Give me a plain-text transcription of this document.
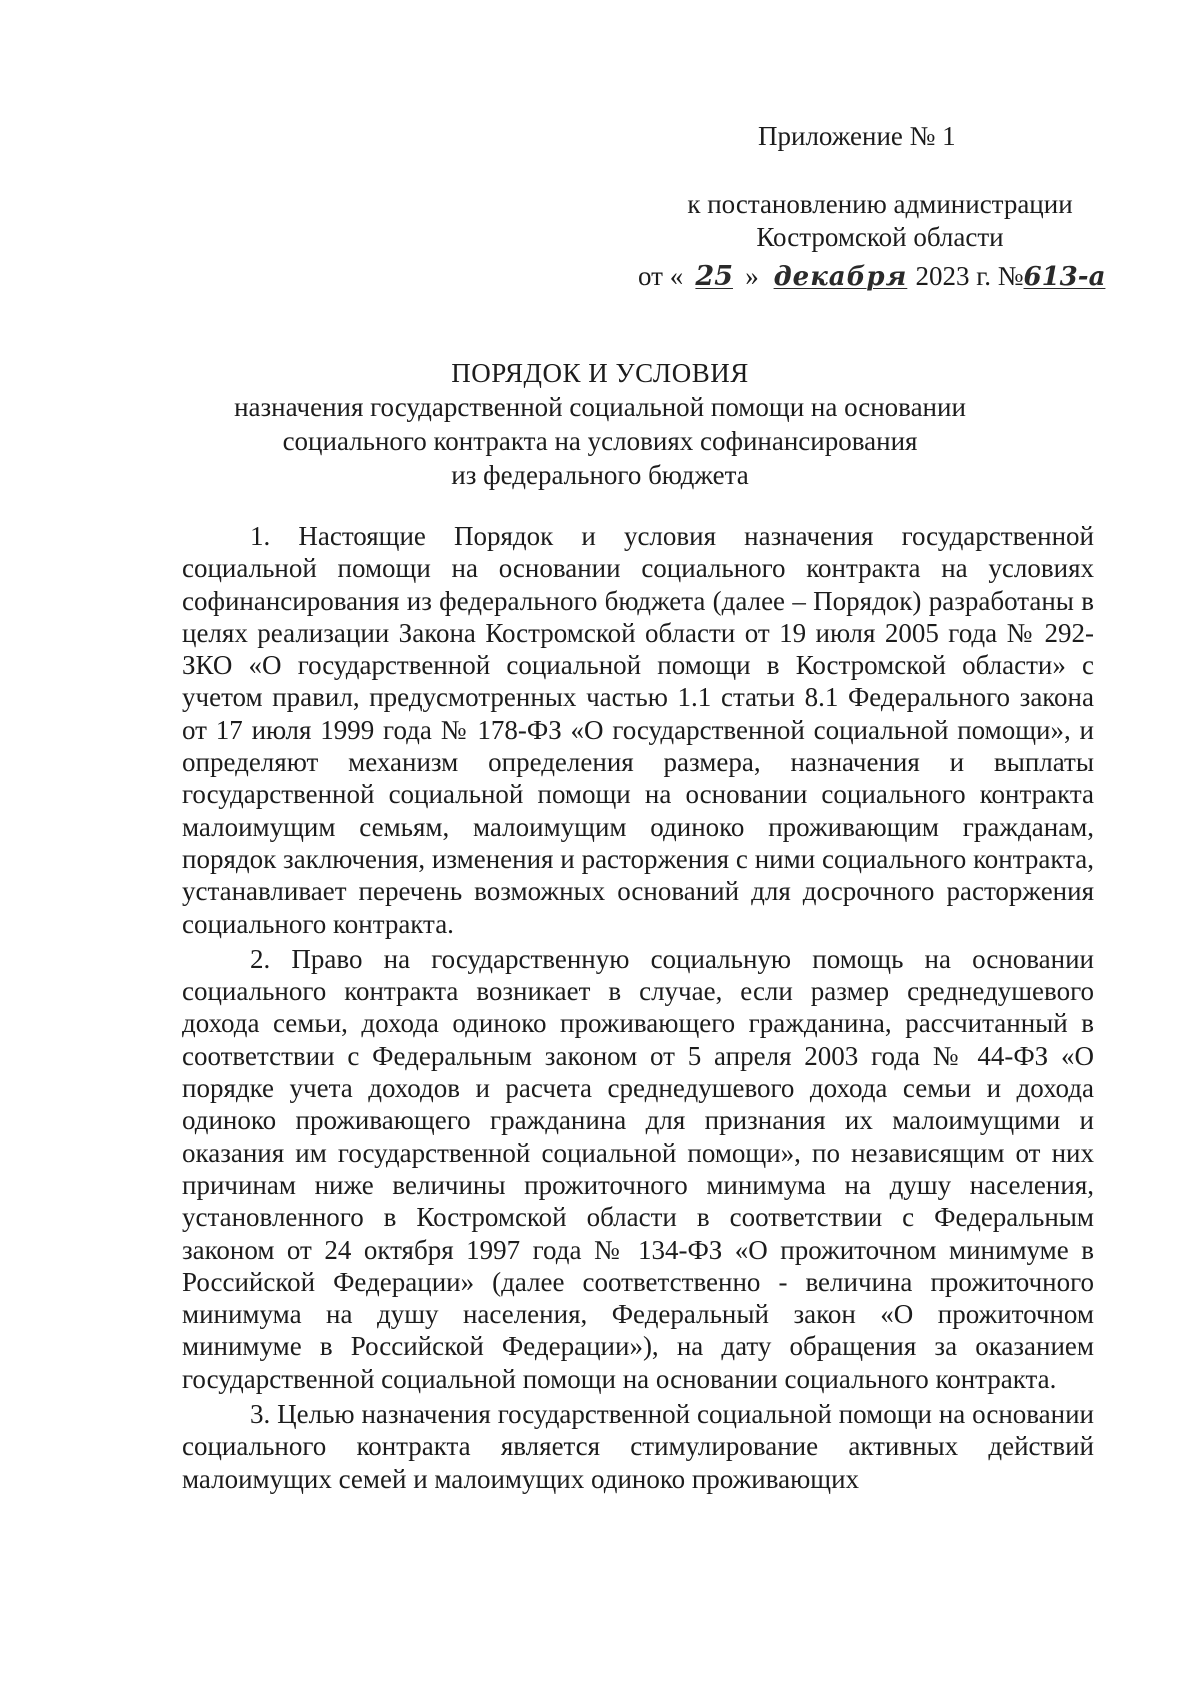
Приложение № 1
к постановлению администрации
Костромской области
от « 25 » декабря 2023 г. №613-а
ПОРЯДОК И УСЛОВИЯ
назначения государственной социальной помощи на основании
социального контракта на условиях софинансирования
из федерального бюджета

1. Настоящие Порядок и условия назначения государственной социальной помощи на основании социального контракта на условиях софинансирования из федерального бюджета (далее – Порядок) разработаны в целях реализации Закона Костромской области от 19 июля 2005 года № 292-ЗКО «О государственной социальной помощи в Костромской области» с учетом правил, предусмотренных частью 1.1 статьи 8.1 Федерального закона от 17 июля 1999 года № 178-ФЗ «О государственной социальной помощи», и определяют механизм определения размера, назначения и выплаты государственной социальной помощи на основании социального контракта малоимущим семьям, малоимущим одиноко проживающим гражданам, порядок заключения, изменения и расторжения с ними социального контракта, устанавливает перечень возможных оснований для досрочного расторжения социального контракта.

2. Право на государственную социальную помощь на основании социального контракта возникает в случае, если размер среднедушевого дохода семьи, дохода одиноко проживающего гражданина, рассчитанный в соответствии с Федеральным законом от 5 апреля 2003 года № 44-ФЗ «О порядке учета доходов и расчета среднедушевого дохода семьи и дохода одиноко проживающего гражданина для признания их малоимущими и оказания им государственной социальной помощи», по независящим от них причинам ниже величины прожиточного минимума на душу населения, установленного в Костромской области в соответствии с Федеральным законом от 24 октября 1997 года № 134-ФЗ «О прожиточном минимуме в Российской Федерации» (далее соответственно - величина прожиточного минимума на душу населения, Федеральный закон «О прожиточном минимуме в Российской Федерации»), на дату обращения за оказанием государственной социальной помощи на основании социального контракта.

3. Целью назначения государственной социальной помощи на основании социального контракта является стимулирование активных действий малоимущих семей и малоимущих одиноко проживающих
